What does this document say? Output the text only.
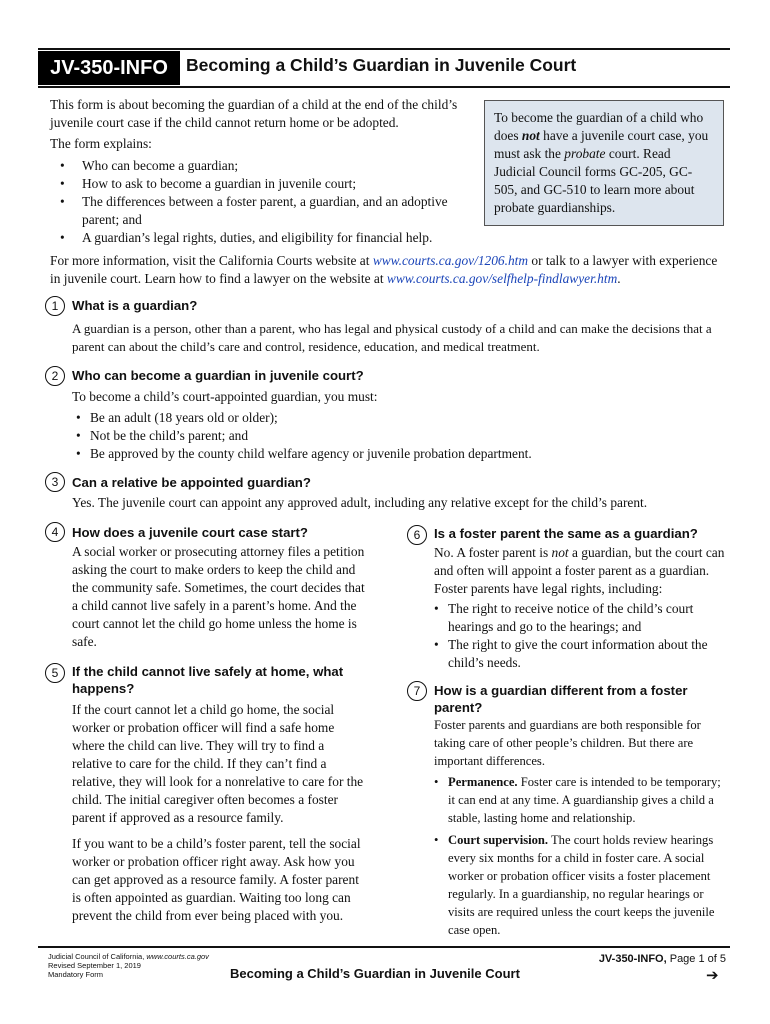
JV-350-INFO	Becoming a Child’s Guardian in Juvenile Court
This form is about becoming the guardian of a child at the end of the child’s juvenile court case if the child cannot return home or be adopted.
The form explains:
• Who can become a guardian;
• How to ask to become a guardian in juvenile court;
• The differences between a foster parent, a guardian, and an adoptive parent; and
• A guardian’s legal rights, duties, and eligibility for financial help.
To become the guardian of a child who does not have a juvenile court case, you must ask the probate court. Read Judicial Council forms GC-205, GC-505, and GC-510 to learn more about probate guardianships.
For more information, visit the California Courts website at www.courts.ca.gov/1206.htm or talk to a lawyer with experience in juvenile court. Learn how to find a lawyer on the website at www.courts.ca.gov/selfhelp-findlawyer.htm.
1	What is a guardian?
A guardian is a person, other than a parent, who has legal and physical custody of a child and can make the decisions that a parent can about the child’s care and control, residence, education, and medical treatment.
2	Who can become a guardian in juvenile court?
To become a child’s court-appointed guardian, you must:
• Be an adult (18 years old or older);
• Not be the child’s parent; and
• Be approved by the county child welfare agency or juvenile probation department.
3	Can a relative be appointed guardian?
Yes. The juvenile court can appoint any approved adult, including any relative except for the child’s parent.
4	How does a juvenile court case start?
A social worker or prosecuting attorney files a petition asking the court to make orders to keep the child and the community safe. Sometimes, the court decides that a child cannot live safely in a parent’s home. And the court cannot let the child go home unless the home is safe.
5	If the child cannot live safely at home, what happens?
If the court cannot let a child go home, the social worker or probation officer will find a safe home where the child can live. They will try to find a relative to care for the child. If they can’t find a relative, they will look for a nonrelative to care for the child. The initial caregiver often becomes a foster parent if approved as a resource family.
If you want to be a child’s foster parent, tell the social worker or probation officer right away. Ask how you can get approved as a resource family. A foster parent is often appointed as guardian. Waiting too long can prevent the child from ever being placed with you.
6	Is a foster parent the same as a guardian?
No. A foster parent is not a guardian, but the court can and often will appoint a foster parent as a guardian. Foster parents have legal rights, including:
• The right to receive notice of the child’s court hearings and go to the hearings; and
• The right to give the court information about the child’s needs.
7	How is a guardian different from a foster parent?
Foster parents and guardians are both responsible for taking care of other people’s children. But there are important differences.
• Permanence. Foster care is intended to be temporary; it can end at any time. A guardianship gives a child a stable, lasting home and relationship.
• Court supervision. The court holds review hearings every six months for a child in foster care. A social worker or probation officer visits a foster placement regularly. In a guardianship, no regular hearings or visits are required unless the court keeps the juvenile case open.
Judicial Council of California, www.courts.ca.gov
Revised September 1, 2019
Mandatory Form	Becoming a Child’s Guardian in Juvenile Court
JV-350-INFO, Page 1 of 5
➔
